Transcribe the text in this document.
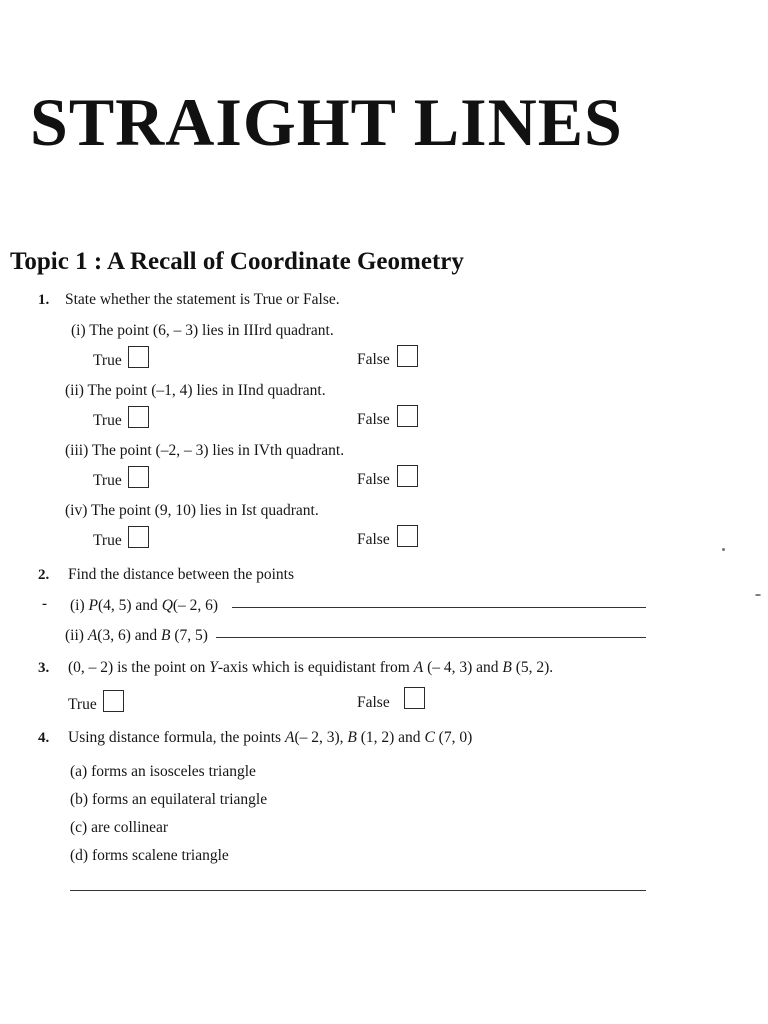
STRAIGHT LINES
Topic 1 : A Recall of Coordinate Geometry
1. State whether the statement is True or False.
(i) The point (6, – 3) lies in IIIrd quadrant.
True	False
(ii) The point (–1, 4) lies in IInd quadrant.
True	False
(iii) The point (–2, – 3) lies in IVth quadrant.
True	False
(iv) The point (9, 10) lies in Ist quadrant.
True	False
2. Find the distance between the points
- (i) P(4, 5) and Q(– 2, 6)
(ii) A(3, 6) and B (7, 5)
3. (0, – 2) is the point on Y-axis which is equidistant from A (– 4, 3) and B (5, 2).
True	False
4. Using distance formula, the points A(– 2, 3), B (1, 2) and C (7, 0)
(a) forms an isosceles triangle
(b) forms an equilateral triangle
(c) are collinear
(d) forms scalene triangle
